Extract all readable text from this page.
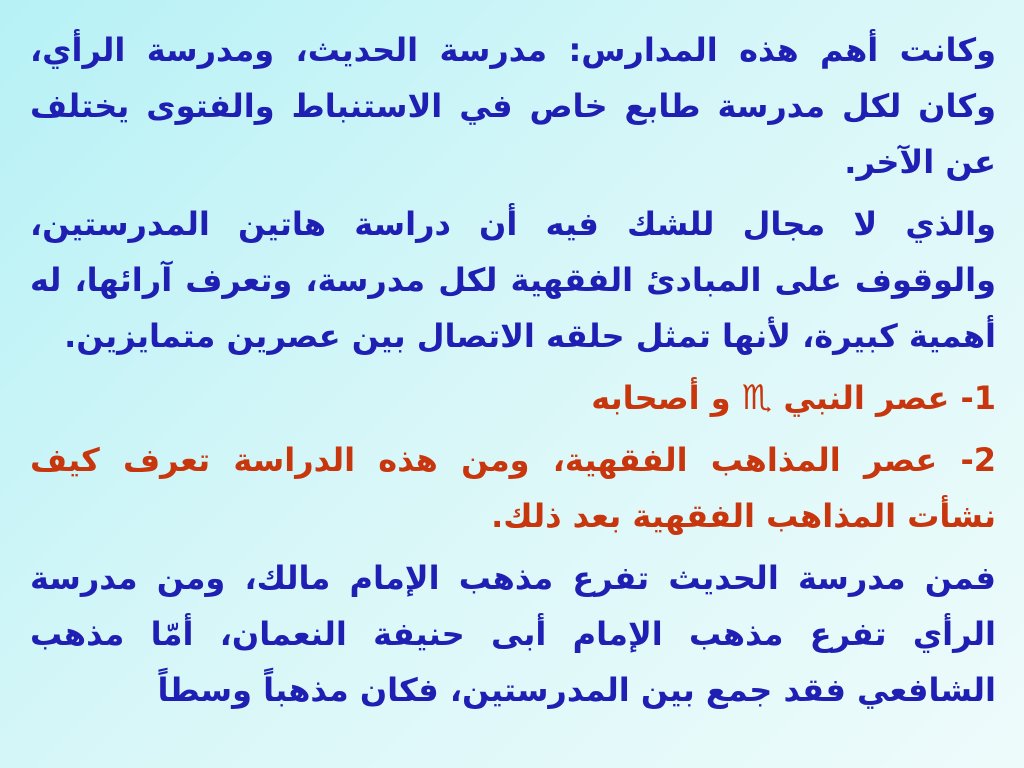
وكانت أهم هذه المدارس: مدرسة الحديث، ومدرسة الرأي، وكان لكل مدرسة طابع خاص في الاستنباط والفتوى يختلف عن الآخر.

والذي لا مجال للشك فيه أن دراسة هاتين المدرستين، والوقوف على المبادئ الفقهية لكل مدرسة، وتعرف آرائها، له أهمية كبيرة، لأنها تمثل حلقه الاتصال بين عصرين متمايزين.

1- عصر النبي ♏ و أصحابه

2- عصر المذاهب الفقهية، ومن هذه الدراسة تعرف كيف نشأت المذاهب الفقهية بعد ذلك.

فمن مدرسة الحديث تفرع مذهب الإمام مالك، ومن مدرسة الرأي تفرع مذهب الإمام أبى حنيفة النعمان، أمّا مذهب الشافعي فقد جمع بين المدرستين، فكان مذهباً وسطاً
